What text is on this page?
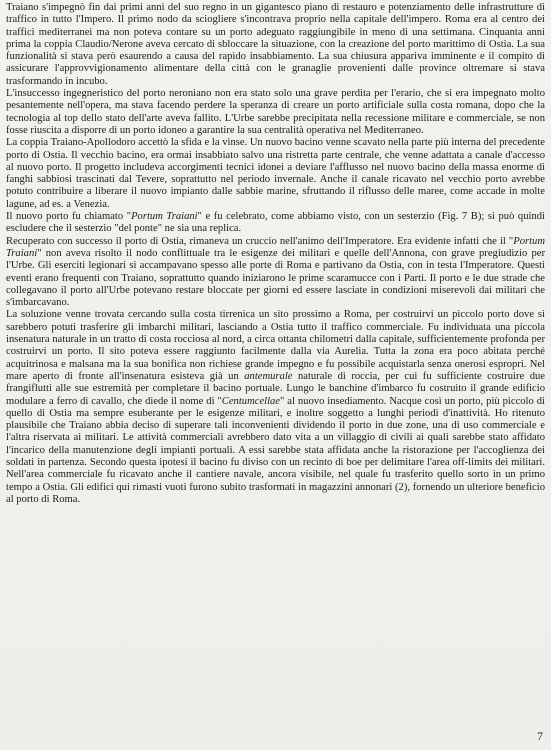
Traiano s'impegnò fin dai primi anni del suo regno in un gigantesco piano di restauro e potenziamento delle infrastrutture di traffico in tutto l'Impero. Il primo nodo da sciogliere s'incontrava proprio nella capitale dell'impero. Roma era al centro dei traffici mediterranei ma non poteva contare su un porto adeguato raggiungibile in meno di una settimana. Cinquanta anni prima la coppia Claudio/Nerone aveva cercato di sbloccare la situazione, con la creazione del porto marittimo di Ostia. La sua funzionalità si stava però esaurendo a causa del rapido insabbiamento. La sua chiusura appariva imminente e il compito di assicurare l'approvvigionamento alimentare della città con le granaglie provenienti dalle province oltremare si stava trasformando in incubo.

L'insuccesso ingegneristico del porto neroniano non era stato solo una grave perdita per l'erario, che si era impegnato molto pesantemente nell'opera, ma stava facendo perdere la speranza di creare un porto artificiale sulla costa romana, dopo che la tecnologia al top dello stato dell'arte aveva fallito. L'Urbe sarebbe precipitata nella recessione militare e commerciale, se non fosse riuscita a disporre di un porto idoneo a garantire la sua centralità operativa nel Mediterraneo.

La coppia Traiano-Apollodoro accettò la sfida e la vinse. Un nuovo bacino venne scavato nella parte più interna del precedente porto di Ostia. Il vecchio bacino, era ormai insabbiato salvo una ristretta parte centrale, che venne adattata a canale d'accesso al nuovo porto. Il progetto includeva accorgimenti tecnici idonei a deviare l'afflusso nel nuovo bacino della massa enorme di fanghi sabbiosi trascinati dal Tevere, soprattutto nel periodo invernale. Anche il canale ricavato nel vecchio porto avrebbe potuto contribuire a liberare il nuovo impianto dalle sabbie marine, sfruttando il riflusso delle maree, come accade in molte lagune, ad es. a Venezia.

Il nuovo porto fu chiamato "Portum Traiani" e fu celebrato, come abbiamo visto, con un sesterzio (Fig. 7 B); si può quindi escludere che il sesterzio "del ponte" ne sia una replica.

Recuperato con successo il porto di Ostia, rimaneva un cruccio nell'animo dell'Imperatore. Era evidente infatti che il "Portum Traiani" non aveva risolto il nodo conflittuale tra le esigenze dei militari e quelle dell'Annona, con grave pregiudizio per l'Urbe. Gli eserciti legionari si accampavano spesso alle porte di Roma e partivano da Ostia, con in testa l'Imperatore. Questi eventi erano frequenti con Traiano, soprattutto quando iniziarono le prime scaramucce con i Parti. Il porto e le due strade che collegavano il porto all'Urbe potevano restare bloccate per giorni ed essere lasciate in condizioni miserevoli dai militari che s'imbarcavano.

La soluzione venne trovata cercando sulla costa tirrenica un sito prossimo a Roma, per costruirvi un piccolo porto dove si sarebbero potuti trasferire gli imbarchi militari, lasciando a Ostia tutto il traffico commerciale. Fu individuata una piccola insenatura naturale in un tratto di costa rocciosa al nord, a circa ottanta chilometri dalla capitale, sufficientemente profonda per costruirvi un porto. Il sito poteva essere raggiunto facilmente dalla via Aurelia. Tutta la zona era poco abitata perché acquitrinosa e malsana ma la sua bonifica non richiese grande impegno e fu possibile acquistarla senza onerosi espropri. Nel mare aperto di fronte all'insenatura esisteva già un antemurale naturale di roccia, per cui fu sufficiente costruire due frangiflutti alle sue estremità per completare il bacino portuale. Lungo le banchine d'imbarco fu costruito il grande edificio modulare a ferro di cavallo, che diede il nome di "Centumcellae" al nuovo insediamento. Nacque così un porto, più piccolo di quello di Ostia ma sempre esuberante per le esigenze militari, e inoltre soggetto a lunghi periodi d'inattività. Ho ritenuto plausibile che Traiano abbia deciso di superare tali inconvenienti dividendo il porto in due zone, una di uso commerciale e l'altra riservata ai militari. Le attività commerciali avrebbero dato vita a un villaggio di civili ai quali sarebbe stato affidato l'incarico della manutenzione degli impianti portuali. A essi sarebbe stata affidata anche la ristorazione per l'accoglienza dei soldati in partenza. Secondo questa ipotesi il bacino fu diviso con un recinto di boe per delimitare l'area off-limits dei militari. Nell'area commerciale fu ricavato anche il cantiere navale, ancora visibile, nel quale fu trasferito quello sorto in un primo tempo a Ostia. Gli edifici qui rimasti vuoti furono subito trasformati in magazzini annonari (2), fornendo un ulteriore beneficio al porto di Roma.

7
